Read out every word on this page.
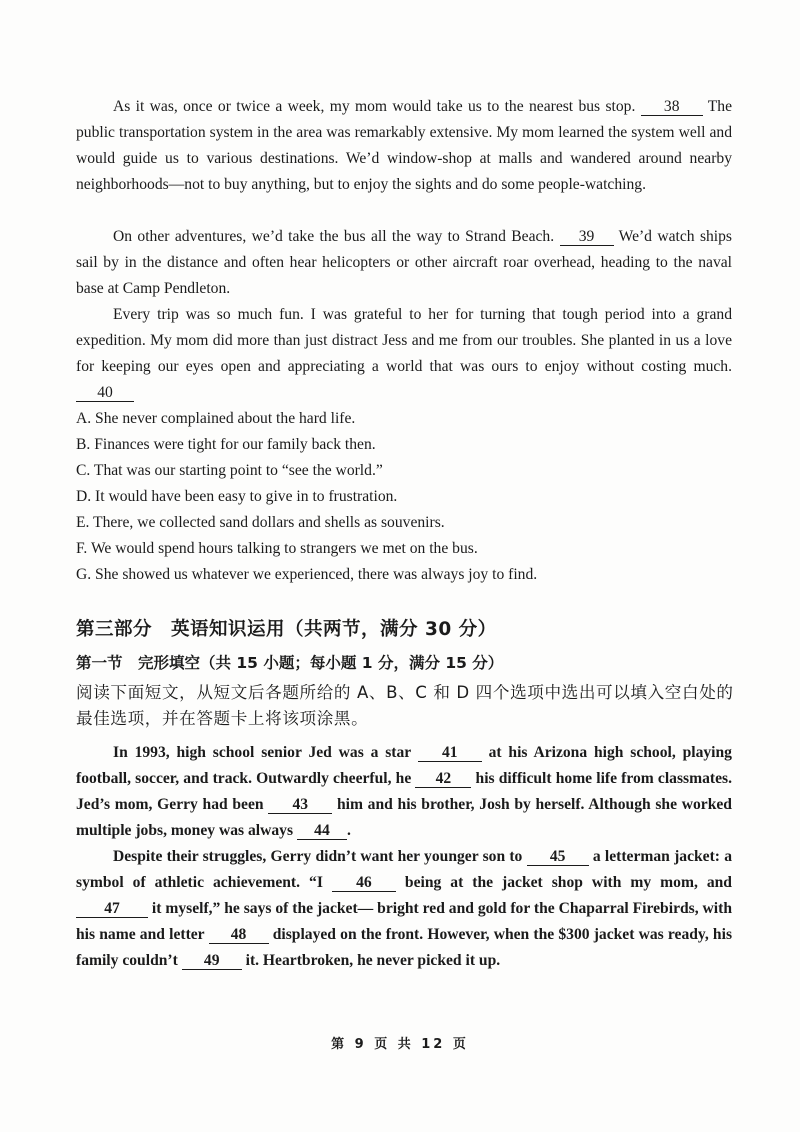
As it was, once or twice a week, my mom would take us to the nearest bus stop. 38 The public transportation system in the area was remarkably extensive. My mom learned the system well and would guide us to various destinations. We’d window-shop at malls and wandered around nearby neighborhoods—not to buy anything, but to enjoy the sights and do some people-watching.
On other adventures, we’d take the bus all the way to Strand Beach. 39 We’d watch ships sail by in the distance and often hear helicopters or other aircraft roar overhead, heading to the naval base at Camp Pendleton.
Every trip was so much fun. I was grateful to her for turning that tough period into a grand expedition. My mom did more than just distract Jess and me from our troubles. She planted in us a love for keeping our eyes open and appreciating a world that was ours to enjoy without costing much. 40
A. She never complained about the hard life.
B. Finances were tight for our family back then.
C. That was our starting point to “see the world.”
D. It would have been easy to give in to frustration.
E. There, we collected sand dollars and shells as souvenirs.
F. We would spend hours talking to strangers we met on the bus.
G. She showed us whatever we experienced, there was always joy to find.
第三部分　英语知识运用（共两节，满分 30 分）
第一节　完形填空（共 15 小题；每小题 1 分，满分 15 分）
阅读下面短文，从短文后各题所给的 A、B、C 和 D 四个选项中选出可以填入空白处的最佳选项，并在答题卡上将该项涂黑。
In 1993, high school senior Jed was a star 41 at his Arizona high school, playing football, soccer, and track. Outwardly cheerful, he 42 his difficult home life from classmates. Jed’s mom, Gerry had been 43 him and his brother, Josh by herself. Although she worked multiple jobs, money was always 44 .
Despite their struggles, Gerry didn’t want her younger son to 45 a letterman jacket: a symbol of athletic achievement. “I 46 being at the jacket shop with my mom, and 47 it myself,” he says of the jacket— bright red and gold for the Chaparral Firebirds, with his name and letter 48 displayed on the front. However, when the $300 jacket was ready, his family couldn’t 49 it. Heartbroken, he never picked it up.
第 9 页 共 12 页
